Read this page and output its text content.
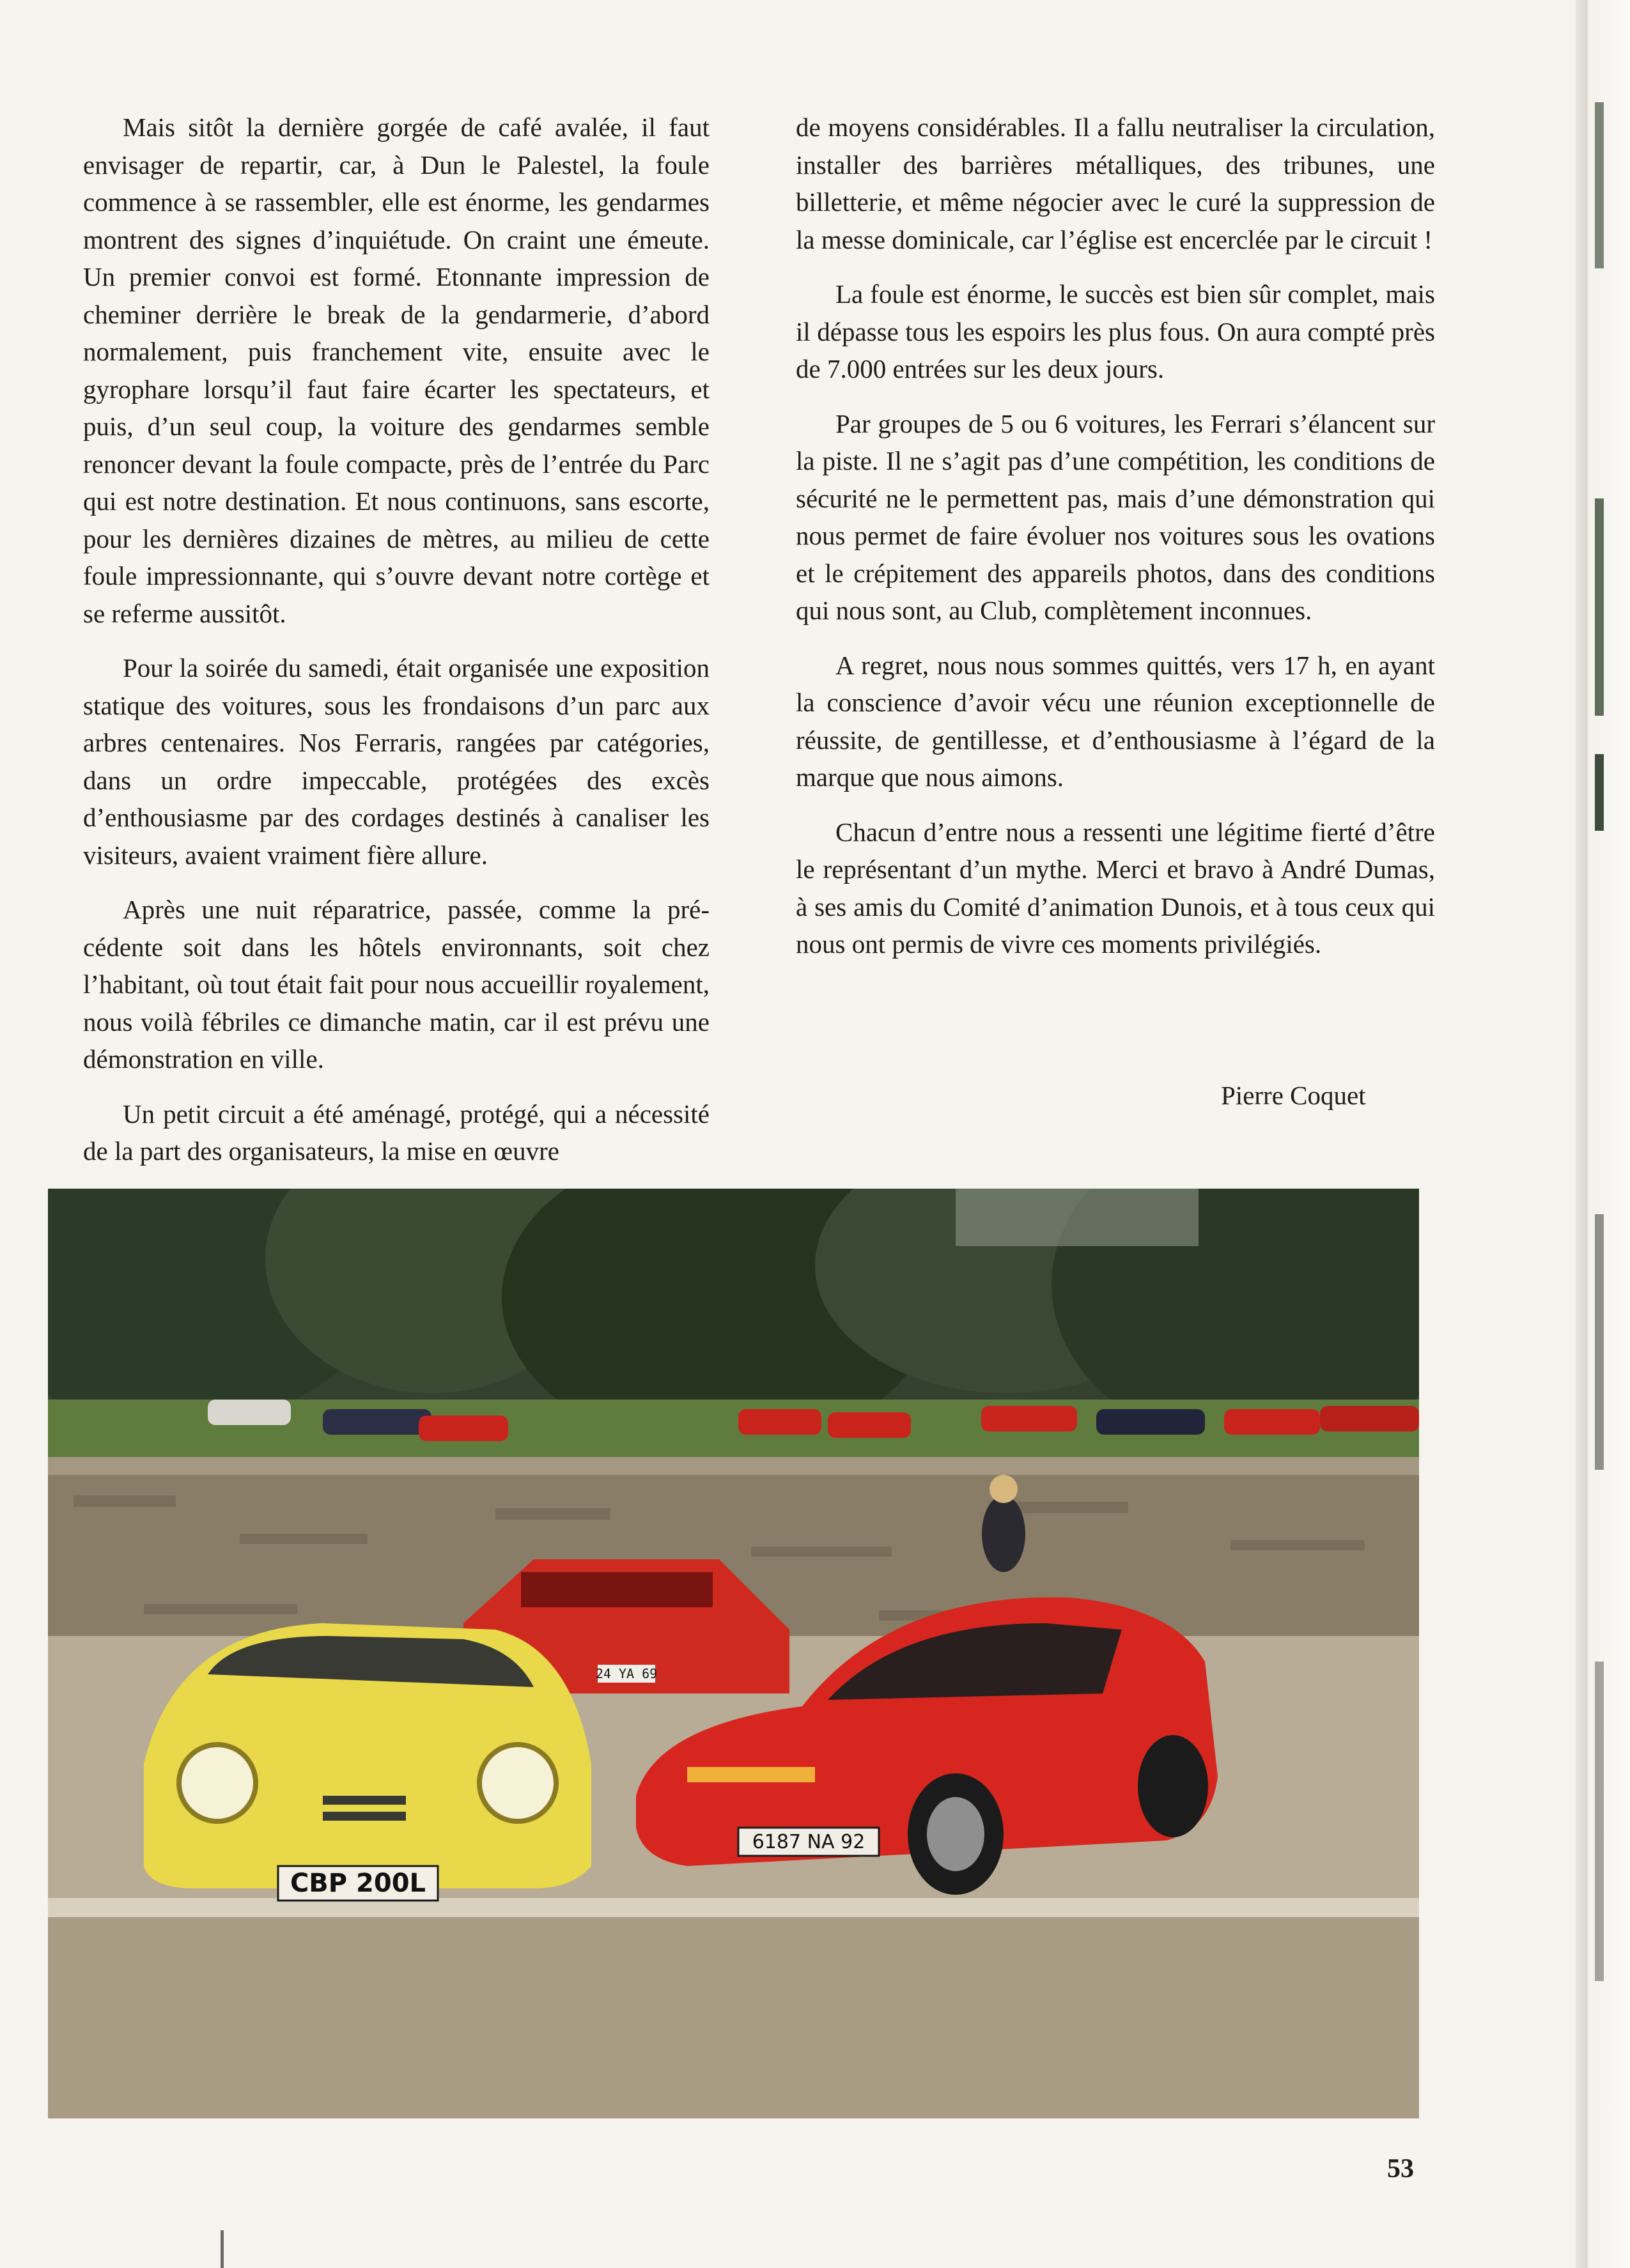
Mais sitôt la dernière gorgée de café avalée, il faut envisager de repartir, car, à Dun le Palestel, la foule commence à se rassembler, elle est énorme, les gendarmes montrent des signes d’inquiétude. On craint une émeute. Un premier convoi est formé. Etonnante impression de cheminer derrière le break de la gendarmerie, d’abord normalement, puis franchement vite, ensuite avec le gyrophare lorsqu’il faut faire écarter les spectateurs, et puis, d’un seul coup, la voiture des gendarmes semble renoncer devant la foule compacte, près de l’entrée du Parc qui est notre destination. Et nous continuons, sans escorte, pour les dernières dizaines de mètres, au milieu de cette foule impressionnante, qui s’ouvre devant notre cortège et se referme aussitôt.

Pour la soirée du samedi, était organisée une exposition statique des voitures, sous les frondaisons d’un parc aux arbres centenaires. Nos Ferraris, rangées par catégories, dans un ordre impeccable, protégées des excès d’enthousiasme par des cordages destinés à canaliser les visiteurs, avaient vraiment fière allure.

Après une nuit réparatrice, passée, comme la précédente soit dans les hôtels environnants, soit chez l’habitant, où tout était fait pour nous accueillir royalement, nous voilà fébriles ce dimanche matin, car il est prévu une démonstration en ville.

Un petit circuit a été aménagé, protégé, qui a nécessité de la part des organisateurs, la mise en œuvre

de moyens considérables. Il a fallu neutraliser la circulation, installer des barrières métalliques, des tribunes, une billetterie, et même négocier avec le curé la suppression de la messe dominicale, car l’église est encerclée par le circuit !

La foule est énorme, le succès est bien sûr complet, mais il dépasse tous les espoirs les plus fous. On aura compté près de 7.000 entrées sur les deux jours.

Par groupes de 5 ou 6 voitures, les Ferrari s’élancent sur la piste. Il ne s’agit pas d’une compétition, les conditions de sécurité ne le permettent pas, mais d’une démonstration qui nous permet de faire évoluer nos voitures sous les ovations et le crépitement des appareils photos, dans des conditions qui nous sont, au Club, complètement inconnues.

A regret, nous nous sommes quittés, vers 17 h, en ayant la conscience d’avoir vécu une réunion exceptionnelle de réussite, de gentillesse, et d’enthousiasme à l’égard de la marque que nous aimons.

Chacun d’entre nous a ressenti une légitime fierté d’être le représentant d’un mythe. Merci et bravo à André Dumas, à ses amis du Comité d’animation Dunois, et à tous ceux qui nous ont permis de vivre ces moments privilégiés.

Pierre Coquet
24 YA 69
CBP 200L
6187 NA 92
53
